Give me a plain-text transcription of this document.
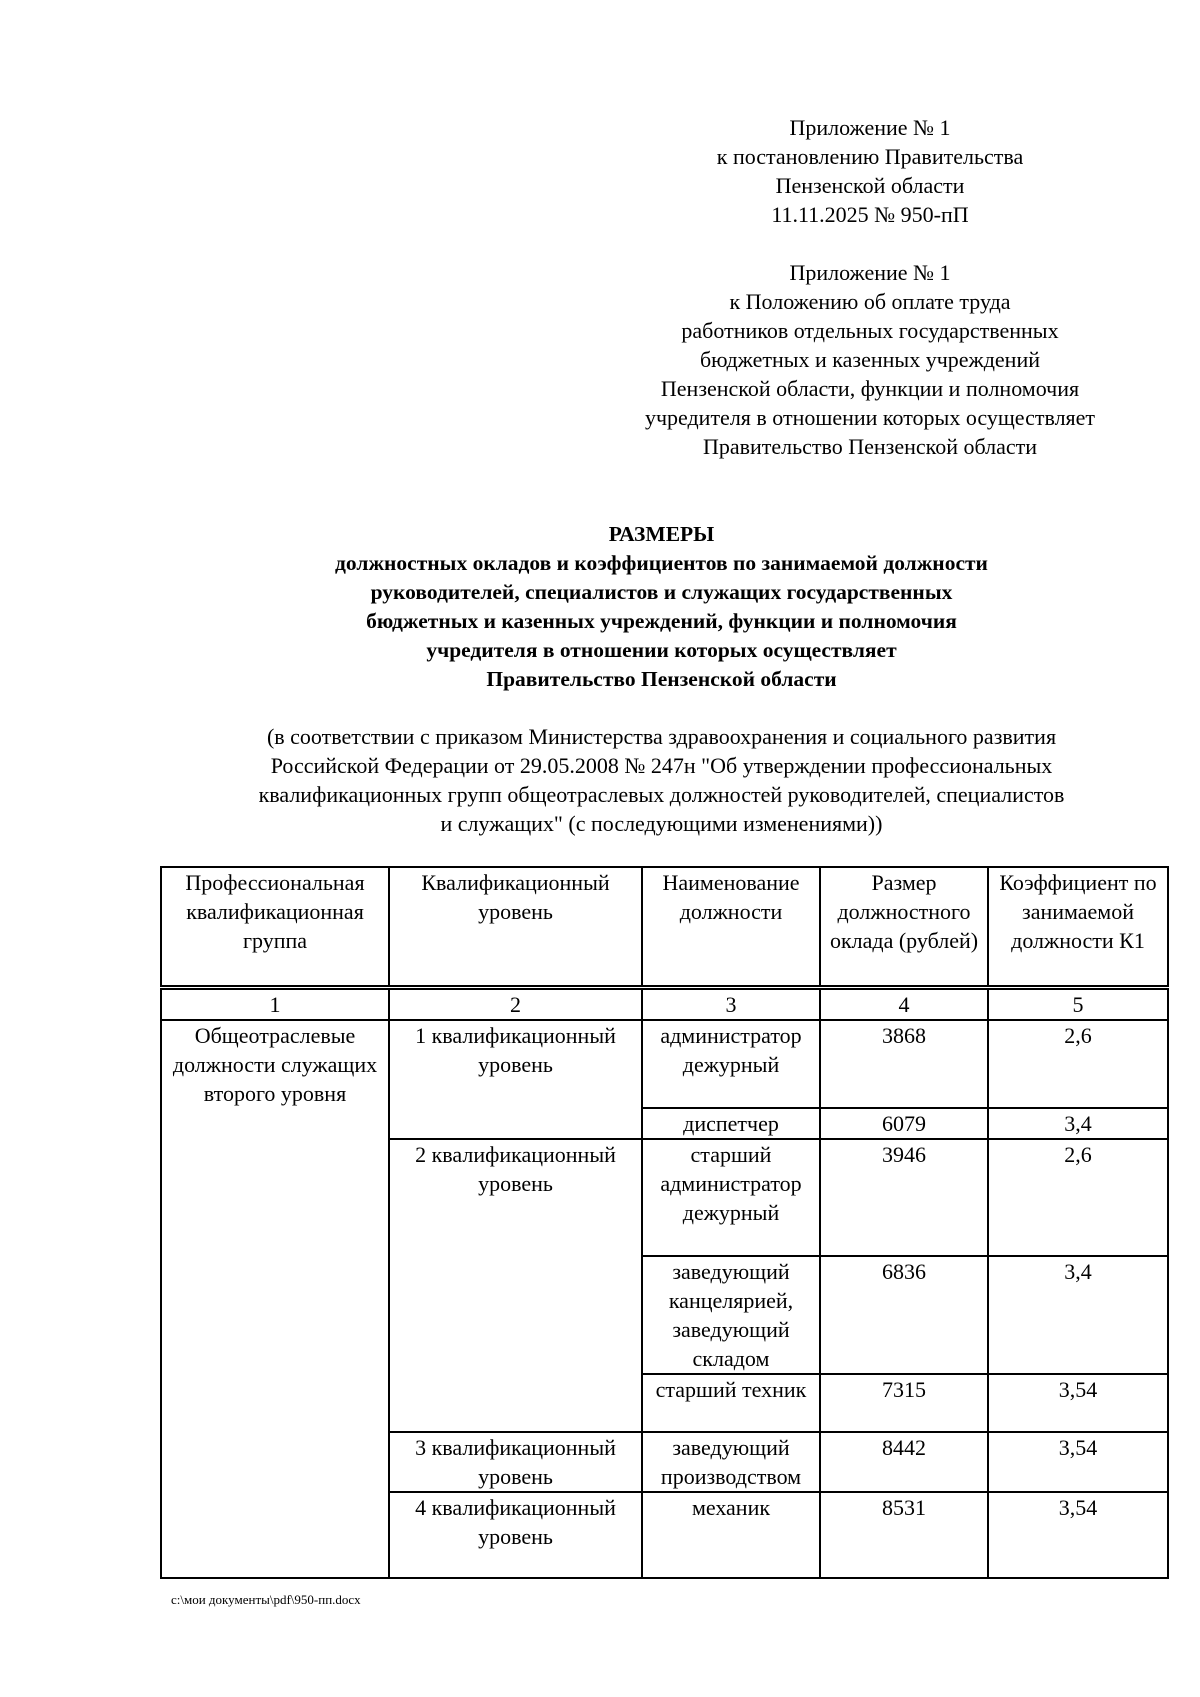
Приложение № 1
к постановлению Правительства
Пензенской области
11.11.2025 № 950-пП
Приложение № 1
к Положению об оплате труда
работников отдельных государственных
бюджетных и казенных учреждений
Пензенской области, функции и полномочия
учредителя в отношении которых осуществляет
Правительство Пензенской области
РАЗМЕРЫ
должностных окладов и коэффициентов по занимаемой должности
руководителей, специалистов и служащих государственных
бюджетных и казенных учреждений, функции и полномочия
учредителя в отношении которых осуществляет
Правительство Пензенской области
(в соответствии с приказом Министерства здравоохранения и социального развития
Российской Федерации от 29.05.2008 № 247н "Об утверждении профессиональных
квалификационных групп общеотраслевых должностей руководителей, специалистов
и служащих" (с последующими изменениями))
Профессиональная квалификационная группа	Квалификационный уровень	Наименование должности	Размер должностного оклада (рублей)	Коэффициент по занимаемой должности К1
1	2	3	4	5
Общеотраслевые должности служащих второго уровня	1 квалификационный уровень	администратор дежурный	3868	2,6
		диспетчер	6079	3,4
	2 квалификационный уровень	старший администратор дежурный	3946	2,6
		заведующий канцелярией, заведующий складом	6836	3,4
		старший техник	7315	3,54
	3 квалификационный уровень	заведующий производством	8442	3,54
	4 квалификационный уровень	механик	8531	3,54
c:\мои документы\pdf\950-пп.docx
